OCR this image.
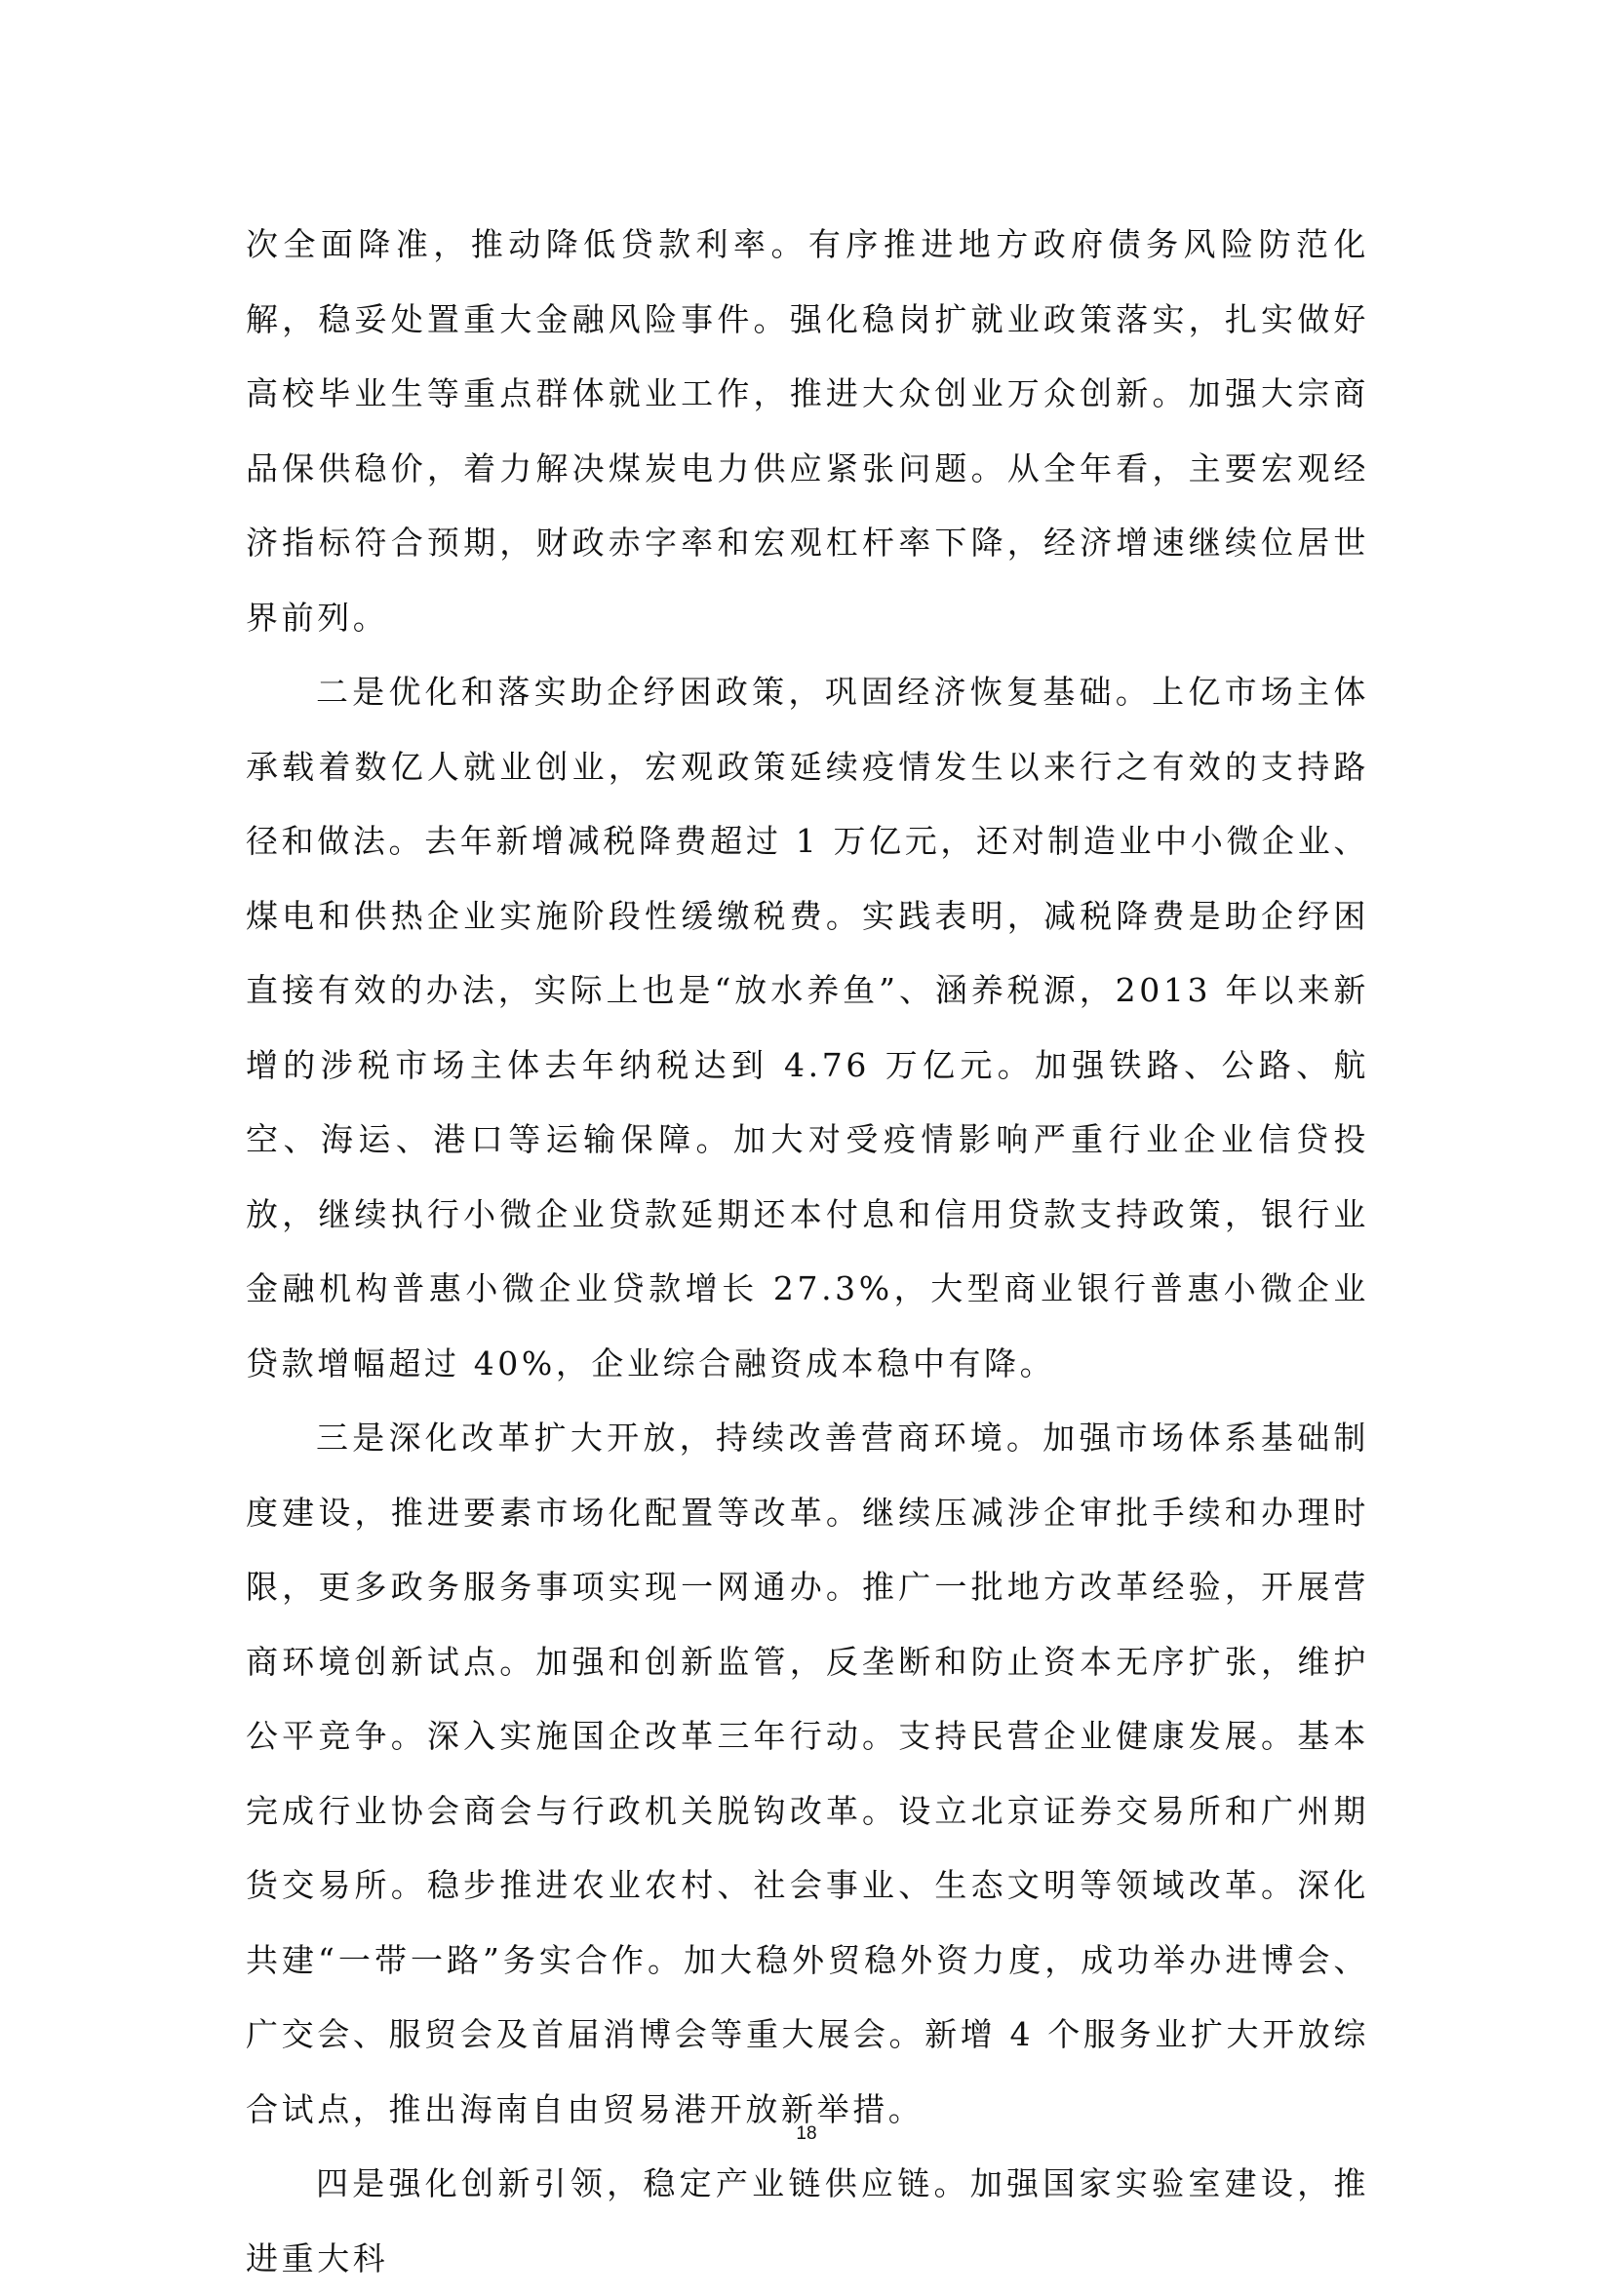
次全面降准，推动降低贷款利率。有序推进地方政府债务风险防范化解，稳妥处置重大金融风险事件。强化稳岗扩就业政策落实，扎实做好高校毕业生等重点群体就业工作，推进大众创业万众创新。加强大宗商品保供稳价，着力解决煤炭电力供应紧张问题。从全年看，主要宏观经济指标符合预期，财政赤字率和宏观杠杆率下降，经济增速继续位居世界前列。

二是优化和落实助企纾困政策，巩固经济恢复基础。上亿市场主体承载着数亿人就业创业，宏观政策延续疫情发生以来行之有效的支持路径和做法。去年新增减税降费超过 1 万亿元，还对制造业中小微企业、煤电和供热企业实施阶段性缓缴税费。实践表明，减税降费是助企纾困直接有效的办法，实际上也是“放水养鱼”、涵养税源，2013 年以来新增的涉税市场主体去年纳税达到 4.76 万亿元。加强铁路、公路、航空、海运、港口等运输保障。加大对受疫情影响严重行业企业信贷投放，继续执行小微企业贷款延期还本付息和信用贷款支持政策，银行业金融机构普惠小微企业贷款增长 27.3%，大型商业银行普惠小微企业贷款增幅超过 40%，企业综合融资成本稳中有降。

三是深化改革扩大开放，持续改善营商环境。加强市场体系基础制度建设，推进要素市场化配置等改革。继续压减涉企审批手续和办理时限，更多政务服务事项实现一网通办。推广一批地方改革经验，开展营商环境创新试点。加强和创新监管，反垄断和防止资本无序扩张，维护公平竞争。深入实施国企改革三年行动。支持民营企业健康发展。基本完成行业协会商会与行政机关脱钩改革。设立北京证券交易所和广州期货交易所。稳步推进农业农村、社会事业、生态文明等领域改革。深化共建“一带一路”务实合作。加大稳外贸稳外资力度，成功举办进博会、广交会、服贸会及首届消博会等重大展会。新增 4 个服务业扩大开放综合试点，推出海南自由贸易港开放新举措。

四是强化创新引领，稳定产业链供应链。加强国家实验室建设，推进重大科

18
